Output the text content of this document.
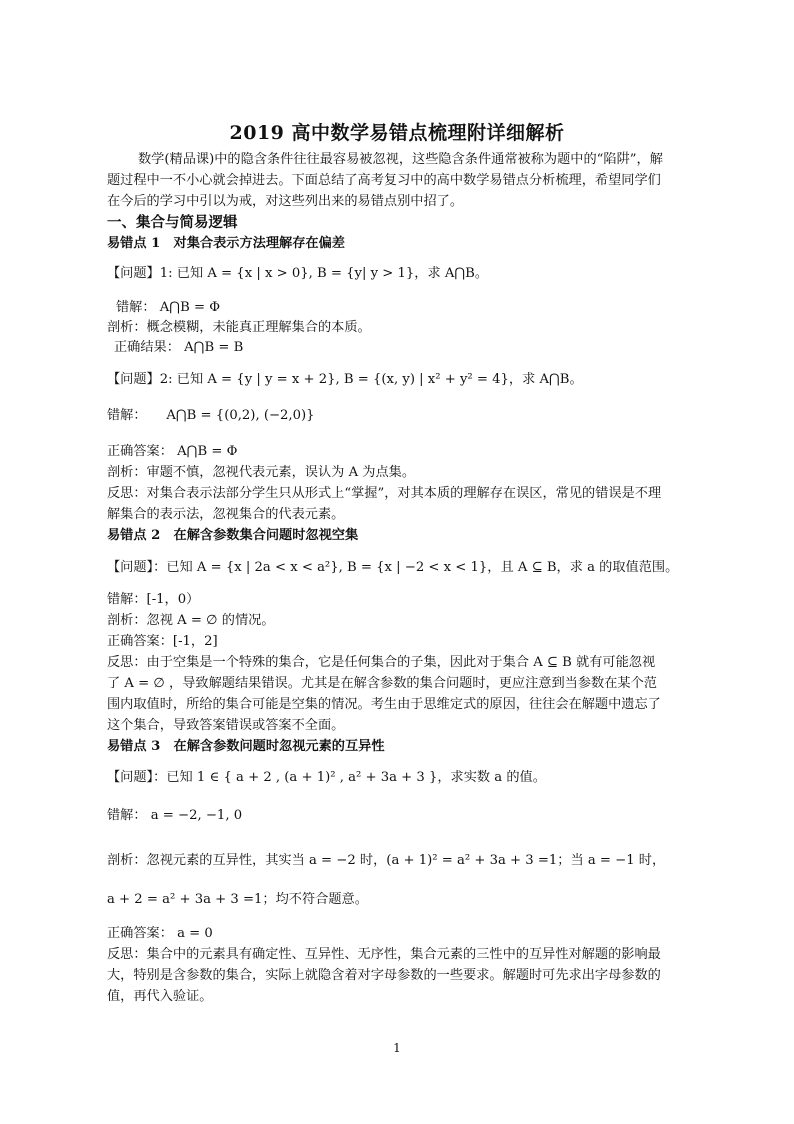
2019 高中数学易错点梳理附详细解析
数学(精品课)中的隐含条件往往最容易被忽视，这些隐含条件通常被称为题中的“陷阱”，解
题过程中一不小心就会掉进去。下面总结了高考复习中的高中数学易错点分析梳理，希望同学们
在今后的学习中引以为戒，对这些列出来的易错点别中招了。
一、集合与简易逻辑
易错点 1　对集合表示方法理解存在偏差
【问题】1: 已知 A = {x | x > 0}, B = {y| y > 1}，求 A⋂B。
错解： A⋂B = Φ
剖析：概念模糊，未能真正理解集合的本质。
正确结果： A⋂B = B
【问题】2: 已知 A = {y | y = x + 2}, B = {(x, y) | x² + y² = 4}，求 A⋂B。
错解：　　A⋂B = {(0,2), (−2,0)}
正确答案： A⋂B = Φ
剖析：审题不慎，忽视代表元素，误认为 A 为点集。
反思：对集合表示法部分学生只从形式上“掌握”，对其本质的理解存在误区，常见的错误是不理
解集合的表示法，忽视集合的代表元素。
易错点 2　在解含参数集合问题时忽视空集
【问题】：已知 A = {x | 2a < x < a²}, B = {x | −2 < x < 1}，且 A ⊆ B，求 a 的取值范围。
错解：[-1，0）
剖析：忽视 A = ∅ 的情况。
正确答案：[-1，2]
反思：由于空集是一个特殊的集合，它是任何集合的子集，因此对于集合 A ⊆ B 就有可能忽视
了 A = ∅ ，导致解题结果错误。尤其是在解含参数的集合问题时，更应注意到当参数在某个范
围内取值时，所给的集合可能是空集的情况。考生由于思维定式的原因，往往会在解题中遗忘了
这个集合，导致答案错误或答案不全面。
易错点 3　在解含参数问题时忽视元素的互异性
【问题】：已知 1 ∈ { a + 2 , (a + 1)² , a² + 3a + 3 }，求实数 a 的值。
错解： a = −2, −1, 0
剖析：忽视元素的互异性，其实当 a = −2 时，(a + 1)² = a² + 3a + 3 =1；当 a = −1 时，
a + 2 = a² + 3a + 3 =1；均不符合题意。
正确答案： a = 0
反思：集合中的元素具有确定性、互异性、无序性，集合元素的三性中的互异性对解题的影响最
大，特别是含参数的集合，实际上就隐含着对字母参数的一些要求。解题时可先求出字母参数的
值，再代入验证。
1
